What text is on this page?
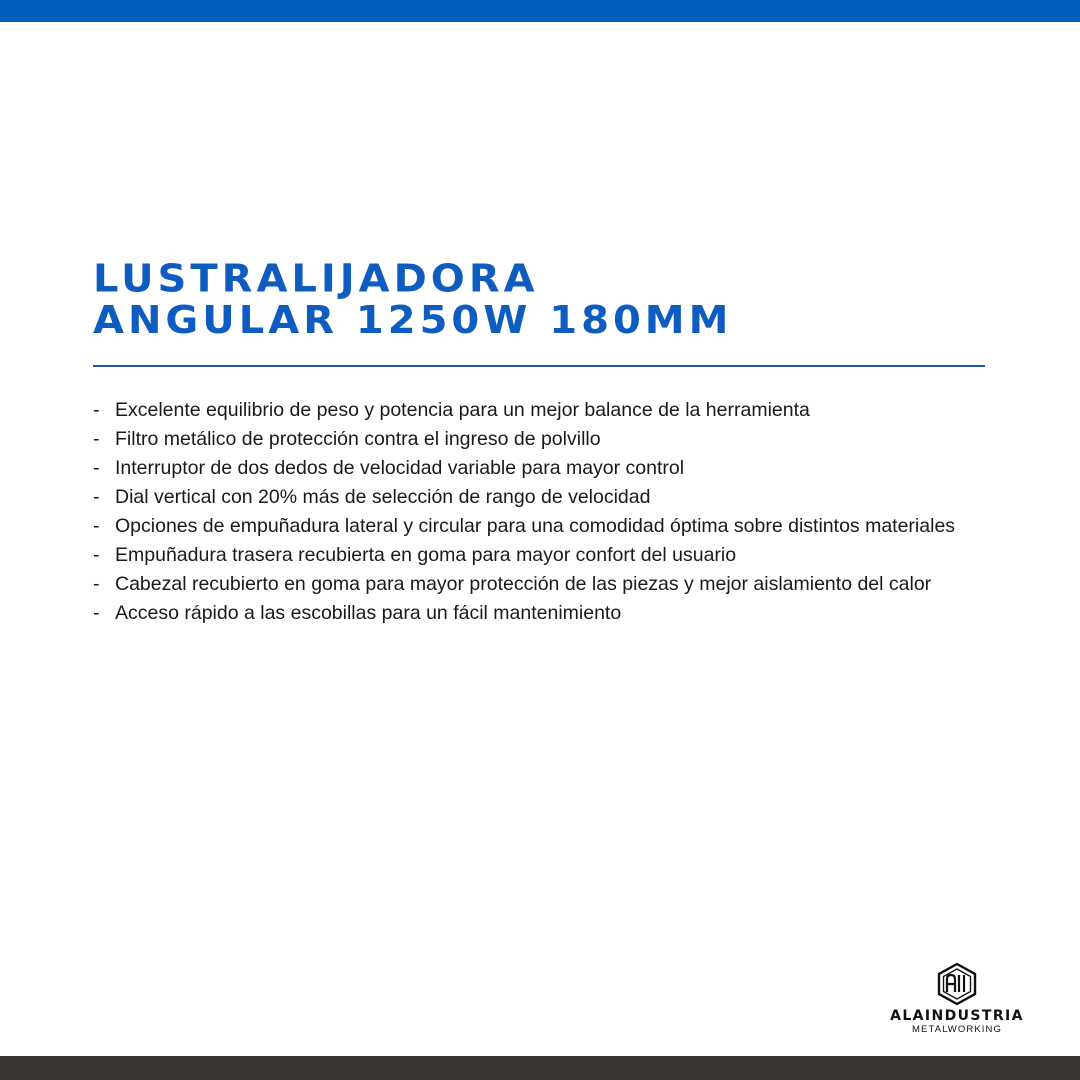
LUSTRALIJADORA
ANGULAR 1250W 180MM
- Excelente equilibrio de peso y potencia para un mejor balance de la herramienta
- Filtro metálico de protección contra el ingreso de polvillo
- Interruptor de dos dedos de velocidad variable para mayor control
- Dial vertical con 20% más de selección de rango de velocidad
- Opciones de empuñadura lateral y circular para una comodidad óptima sobre distintos materiales
- Empuñadura trasera recubierta en goma para mayor confort del usuario
- Cabezal recubierto en goma para mayor protección de las piezas y mejor aislamiento del calor
- Acceso rápido a las escobillas para un fácil mantenimiento
ALAINDUSTRIA
METALWORKING
